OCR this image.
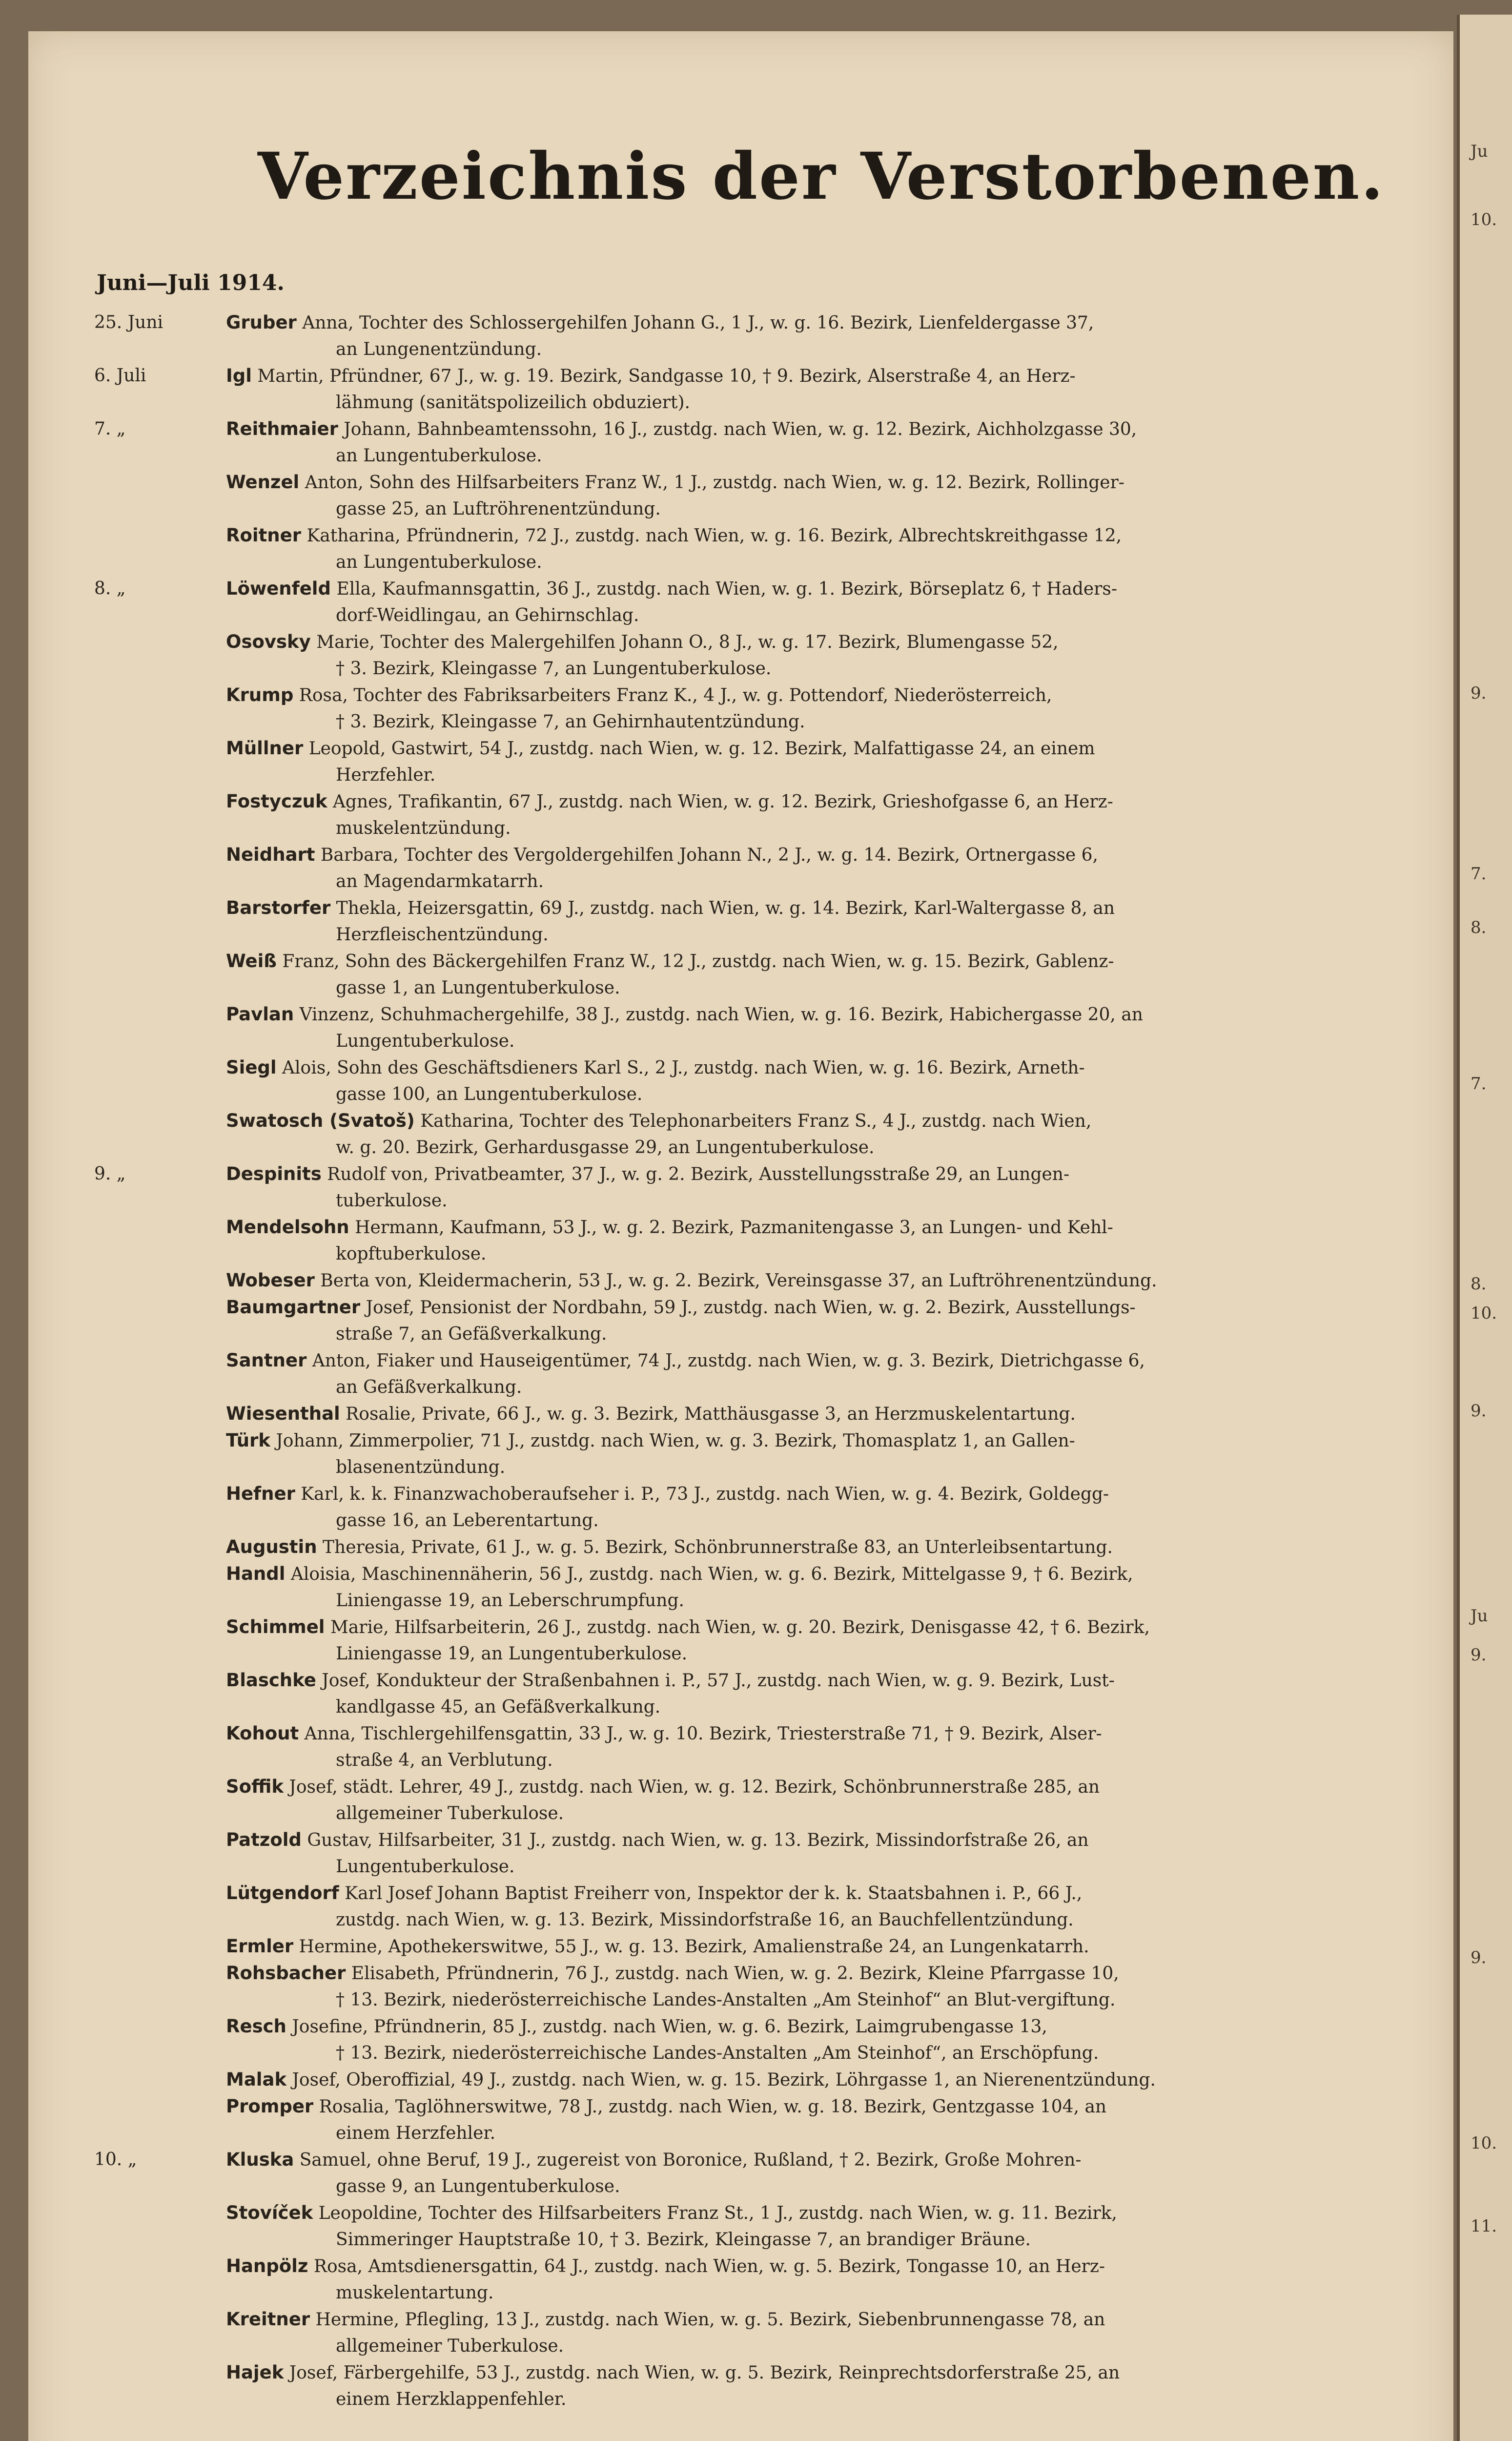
Verzeichnis der Verstorbenen.
Juni—Juli 1914.
25. Juni	Gruber Anna, Tochter des Schlossergehilfen Johann G., 1 J., w. g. 16. Bezirk, Lienfeldergasse 37,
an Lungenentzündung.
6. Juli	Igl Martin, Pfründner, 67 J., w. g. 19. Bezirk, Sandgasse 10, † 9. Bezirk, Alserstraße 4, an Herz-
lähmung (sanitätspolizeilich obduziert).
7. „	Reithmaier Johann, Bahnbeamtenssohn, 16 J., zustdg. nach Wien, w. g. 12. Bezirk, Aichholzgasse 30,
an Lungentuberkulose.
Wenzel Anton, Sohn des Hilfsarbeiters Franz W., 1 J., zustdg. nach Wien, w. g. 12. Bezirk, Rollinger-
gasse 25, an Luftröhrenentzündung.
Roitner Katharina, Pfründnerin, 72 J., zustdg. nach Wien, w. g. 16. Bezirk, Albrechtskreithgasse 12,
an Lungentuberkulose.
8. „	Löwenfeld Ella, Kaufmannsgattin, 36 J., zustdg. nach Wien, w. g. 1. Bezirk, Börseplatz 6, † Haders-
dorf-Weidlingau, an Gehirnschlag.
Osovsky Marie, Tochter des Malergehilfen Johann O., 8 J., w. g. 17. Bezirk, Blumengasse 52,
† 3. Bezirk, Kleingasse 7, an Lungentuberkulose.
Krump Rosa, Tochter des Fabriksarbeiters Franz K., 4 J., w. g. Pottendorf, Niederösterreich,
† 3. Bezirk, Kleingasse 7, an Gehirnhautentzündung.
Müllner Leopold, Gastwirt, 54 J., zustdg. nach Wien, w. g. 12. Bezirk, Malfattigasse 24, an einem
Herzfehler.
Fostyczuk Agnes, Trafikantin, 67 J., zustdg. nach Wien, w. g. 12. Bezirk, Grieshofgasse 6, an Herz-
muskelentzündung.
Neidhart Barbara, Tochter des Vergoldergehilfen Johann N., 2 J., w. g. 14. Bezirk, Ortnergasse 6,
an Magendarmkatarrh.
Barstorfer Thekla, Heizersgattin, 69 J., zustdg. nach Wien, w. g. 14. Bezirk, Karl-Waltergasse 8, an
Herzfleischentzündung.
Weiß Franz, Sohn des Bäckergehilfen Franz W., 12 J., zustdg. nach Wien, w. g. 15. Bezirk, Gablenz-
gasse 1, an Lungentuberkulose.
Pavlan Vinzenz, Schuhmachergehilfe, 38 J., zustdg. nach Wien, w. g. 16. Bezirk, Habichergasse 20, an
Lungentuberkulose.
Siegl Alois, Sohn des Geschäftsdieners Karl S., 2 J., zustdg. nach Wien, w. g. 16. Bezirk, Arneth-
gasse 100, an Lungentuberkulose.
Swatosch (Svatoš) Katharina, Tochter des Telephonarbeiters Franz S., 4 J., zustdg. nach Wien,
w. g. 20. Bezirk, Gerhardusgasse 29, an Lungentuberkulose.
9. „	Despinits Rudolf von, Privatbeamter, 37 J., w. g. 2. Bezirk, Ausstellungsstraße 29, an Lungen-
tuberkulose.
Mendelsohn Hermann, Kaufmann, 53 J., w. g. 2. Bezirk, Pazmanitengasse 3, an Lungen- und Kehl-
kopftuberkulose.
Wobeser Berta von, Kleidermacherin, 53 J., w. g. 2. Bezirk, Vereinsgasse 37, an Luftröhrenentzündung.
Baumgartner Josef, Pensionist der Nordbahn, 59 J., zustdg. nach Wien, w. g. 2. Bezirk, Ausstellungs-
straße 7, an Gefäßverkalkung.
Santner Anton, Fiaker und Hauseigentümer, 74 J., zustdg. nach Wien, w. g. 3. Bezirk, Dietrichgasse 6,
an Gefäßverkalkung.
Wiesenthal Rosalie, Private, 66 J., w. g. 3. Bezirk, Matthäusgasse 3, an Herzmuskelentartung.
Türk Johann, Zimmerpolier, 71 J., zustdg. nach Wien, w. g. 3. Bezirk, Thomasplatz 1, an Gallen-
blasenentzündung.
Hefner Karl, k. k. Finanzwachoberaufseher i. P., 73 J., zustdg. nach Wien, w. g. 4. Bezirk, Goldegg-
gasse 16, an Leberentartung.
Augustin Theresia, Private, 61 J., w. g. 5. Bezirk, Schönbrunnerstraße 83, an Unterleibsentartung.
Handl Aloisia, Maschinennäherin, 56 J., zustdg. nach Wien, w. g. 6. Bezirk, Mittelgasse 9, † 6. Bezirk,
Liniengasse 19, an Leberschrumpfung.
Schimmel Marie, Hilfsarbeiterin, 26 J., zustdg. nach Wien, w. g. 20. Bezirk, Denisgasse 42, † 6. Bezirk,
Liniengasse 19, an Lungentuberkulose.
Blaschke Josef, Kondukteur der Straßenbahnen i. P., 57 J., zustdg. nach Wien, w. g. 9. Bezirk, Lust-
kandlgasse 45, an Gefäßverkalkung.
Kohout Anna, Tischlergehilfensgattin, 33 J., w. g. 10. Bezirk, Triesterstraße 71, † 9. Bezirk, Alser-
straße 4, an Verblutung.
Soffik Josef, städt. Lehrer, 49 J., zustdg. nach Wien, w. g. 12. Bezirk, Schönbrunnerstraße 285, an
allgemeiner Tuberkulose.
Patzold Gustav, Hilfsarbeiter, 31 J., zustdg. nach Wien, w. g. 13. Bezirk, Missindorfstraße 26, an
Lungentuberkulose.
Lütgendorf Karl Josef Johann Baptist Freiherr von, Inspektor der k. k. Staatsbahnen i. P., 66 J.,
zustdg. nach Wien, w. g. 13. Bezirk, Missindorfstraße 16, an Bauchfellentzündung.
Ermler Hermine, Apothekerswitwe, 55 J., w. g. 13. Bezirk, Amalienstraße 24, an Lungenkatarrh.
Rohsbacher Elisabeth, Pfründnerin, 76 J., zustdg. nach Wien, w. g. 2. Bezirk, Kleine Pfarrgasse 10,
† 13. Bezirk, niederösterreichische Landes-Anstalten „Am Steinhof“ an Blut-vergiftung.
Resch Josefine, Pfründnerin, 85 J., zustdg. nach Wien, w. g. 6. Bezirk, Laimgrubengasse 13,
† 13. Bezirk, niederösterreichische Landes-Anstalten „Am Steinhof“, an Erschöpfung.
Malak Josef, Oberoffizial, 49 J., zustdg. nach Wien, w. g. 15. Bezirk, Löhrgasse 1, an Nierenentzündung.
Promper Rosalia, Taglöhnerswitwe, 78 J., zustdg. nach Wien, w. g. 18. Bezirk, Gentzgasse 104, an
einem Herzfehler.
10. „	Kluska Samuel, ohne Beruf, 19 J., zugereist von Boronice, Rußland, † 2. Bezirk, Große Mohren-
gasse 9, an Lungentuberkulose.
Stovíček Leopoldine, Tochter des Hilfsarbeiters Franz St., 1 J., zustdg. nach Wien, w. g. 11. Bezirk,
Simmeringer Hauptstraße 10, † 3. Bezirk, Kleingasse 7, an brandiger Bräune.
Hanpölz Rosa, Amtsdienersgattin, 64 J., zustdg. nach Wien, w. g. 5. Bezirk, Tongasse 10, an Herz-
muskelentartung.
Kreitner Hermine, Pflegling, 13 J., zustdg. nach Wien, w. g. 5. Bezirk, Siebenbrunnengasse 78, an
allgemeiner Tuberkulose.
Hajek Josef, Färbergehilfe, 53 J., zustdg. nach Wien, w. g. 5. Bezirk, Reinprechtsdorferstraße 25, an
einem Herzklappenfehler.
Ju
10.
9.
7.
8.
7.
8.
10.
9.
Ju
9.
9.
10.
11.
